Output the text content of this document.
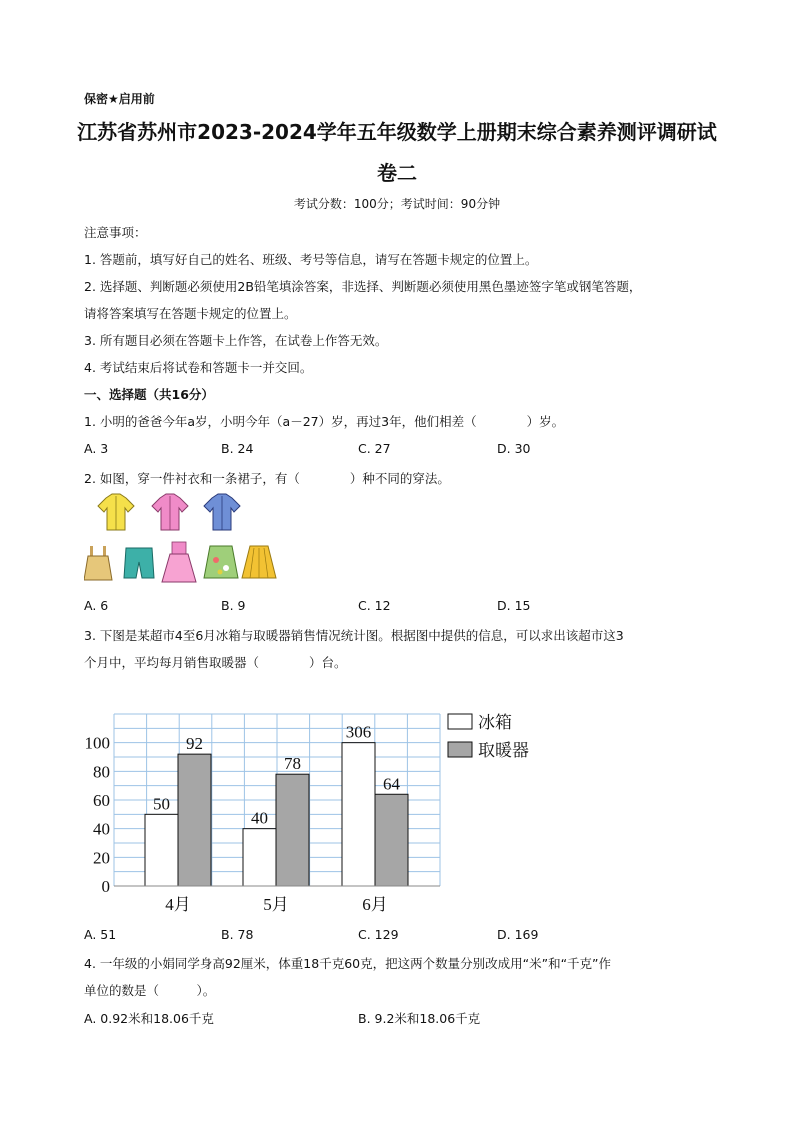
保密★启用前
江苏省苏州市2023-2024学年五年级数学上册期末综合素养测评调研试
卷二
考试分数：100分；考试时间：90分钟
注意事项：
1. 答题前，填写好自己的姓名、班级、考号等信息，请写在答题卡规定的位置上。
2. 选择题、判断题必须使用2B铅笔填涂答案，非选择、判断题必须使用黑色墨迹签字笔或钢笔答题，
请将答案填写在答题卡规定的位置上。
3. 所有题目必须在答题卡上作答，在试卷上作答无效。
4. 考试结束后将试卷和答题卡一并交回。
一、选择题（共16分）
1. 小明的爸爸今年a岁，小明今年（a－27）岁，再过3年，他们相差（　　　　）岁。
A. 3	B. 24	C. 27	D. 30
2. 如图，穿一件衬衣和一条裙子，有（　　　　）种不同的穿法。
A. 6	B. 9	C. 12	D. 15
3. 下图是某超市4至6月冰箱与取暖器销售情况统计图。根据图中提供的信息，可以求出该超市这3
个月中，平均每月销售取暖器（　　　　）台。
0
20
40
60
80
100
50
92
4月
40
78
5月
306
64
6月
冰箱
取暖器
A. 51	B. 78	C. 129	D. 169
4. 一年级的小娟同学身高92厘米，体重18千克60克，把这两个数量分别改成用“米”和“千克”作
单位的数是（　　　）。
A. 0.92米和18.06千克	B. 9.2米和18.06千克
